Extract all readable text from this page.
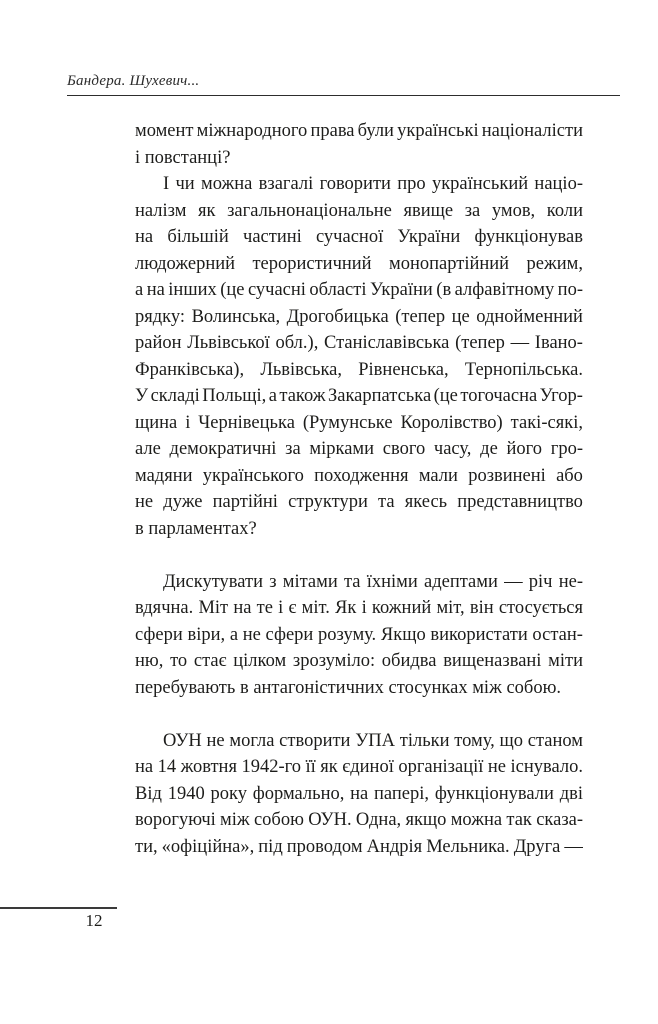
Бандера. Шухевич...
момент міжнародного права були українські націоналісти
і повстанці?
І чи можна взагалі говорити про український націо-
налізм як загальнонаціональне явище за умов, коли
на більшій частині сучасної України функціонував
людожерний терористичний монопартійний режим,
а на інших (це сучасні області України (в алфавітному по-
рядку: Волинська, Дрогобицька (тепер це однойменний
район Львівської обл.), Станіславівська (тепер — Івано-
Франківська), Львівська, Рівненська, Тернопільська.
У складі Польщі, а також Закарпатська (це тогочасна Угор-
щина і Чернівецька (Румунське Королівство) такі-сякі,
але демократичні за мірками свого часу, де його гро-
мадяни українського походження мали розвинені або
не дуже партійні структури та якесь представництво
в парламентах?
Дискутувати з мітами та їхніми адептами — річ не-
вдячна. Міт на те і є міт. Як і кожний міт, він стосується
сфери віри, а не сфери розуму. Якщо використати остан-
ню, то стає цілком зрозуміло: обидва вищеназвані міти
перебувають в антагоністичних стосунках між собою.
ОУН не могла створити УПА тільки тому, що станом
на 14 жовтня 1942-го її як єдиної організації не існувало.
Від 1940 року формально, на папері, функціонували дві
ворогуючі між собою ОУН. Одна, якщо можна так сказа-
ти, «офіційна», під проводом Андрія Мельника. Друга —
12
